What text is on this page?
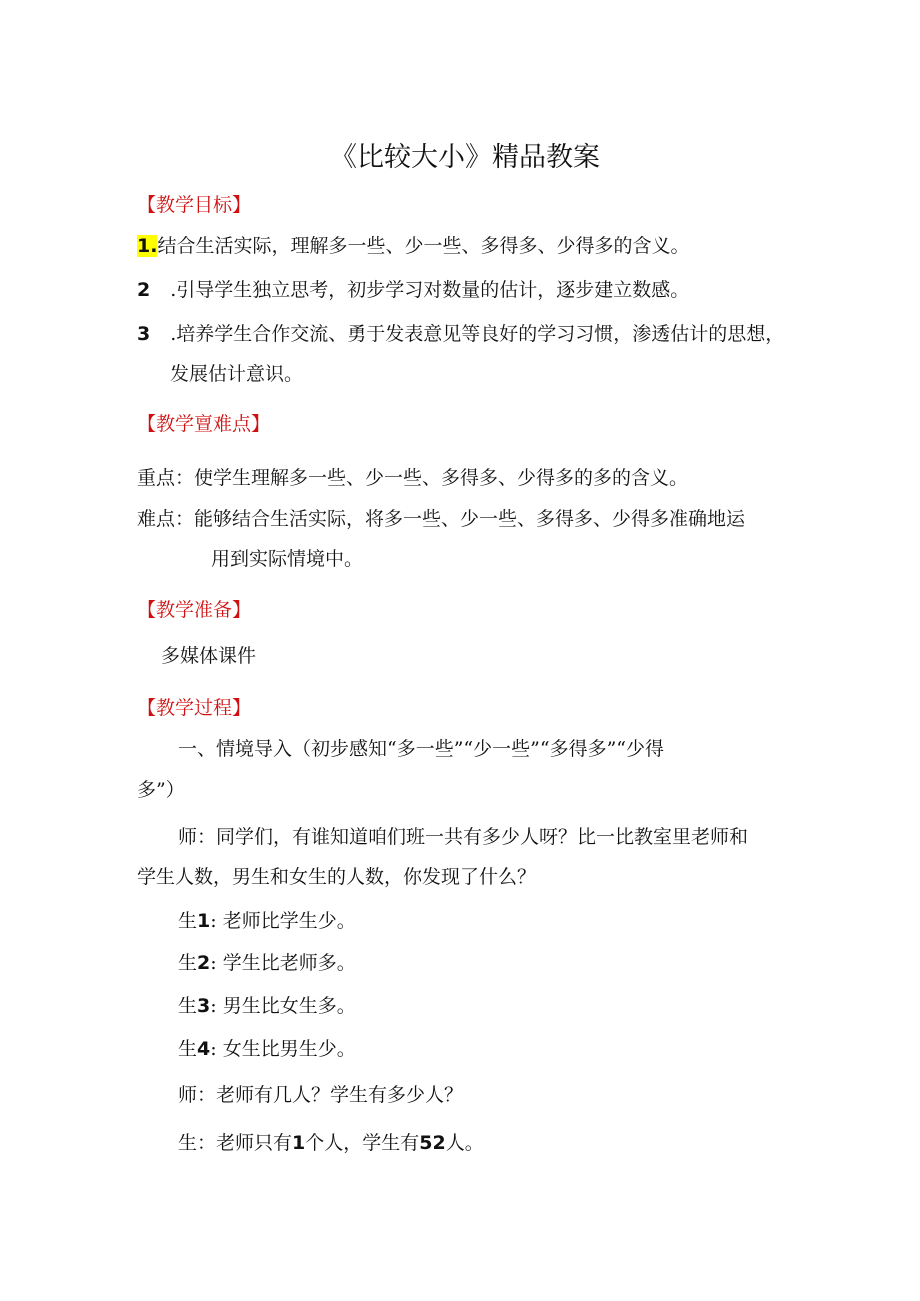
《比较大小》精品教案
【教学目标】
1.结合生活实际，理解多一些、少一些、多得多、少得多的含义。
2 .引导学生独立思考，初步学习对数量的估计，逐步建立数感。
3 .培养学生合作交流、勇于发表意见等良好的学习习惯，渗透估计的思想，
发展估计意识。
【教学亶难点】
重点：使学生理解多一些、少一些、多得多、少得多的多的含义。
难点：能够结合生活实际，将多一些、少一些、多得多、少得多准确地运
用到实际情境中。
【教学准备】
多媒体课件
【教学过程】
一、情境导入（初步感知“多一些”“少一些”“多得多”“少得
多”）
师：同学们，有谁知道咱们班一共有多少人呀？比一比教室里老师和
学生人数，男生和女生的人数，你发现了什么？
生1: 老师比学生少。
生2: 学生比老师多。
生3: 男生比女生多。
生4: 女生比男生少。
师：老师有几人？学生有多少人？
生：老师只有1个人，学生有52人。
